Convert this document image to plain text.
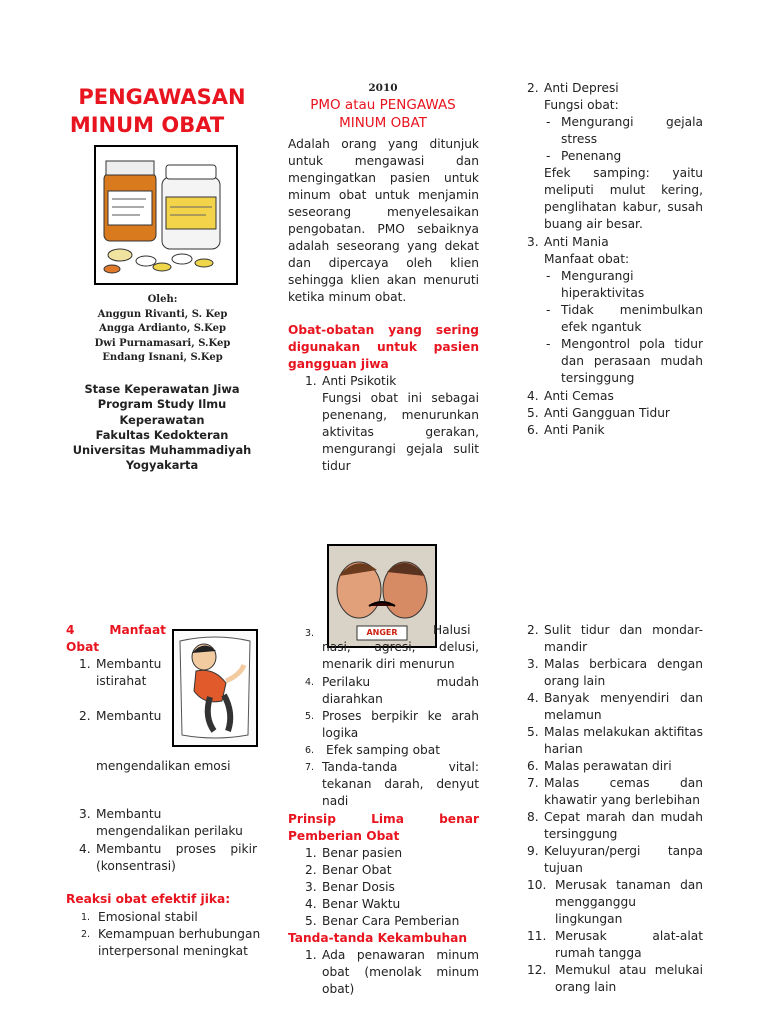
PENGAWASAN
MINUM OBAT
Oleh:
Anggun Rivanti, S. Kep
Angga Ardianto, S.Kep
Dwi Purnamasari, S.Kep
Endang Isnani, S.Kep
Stase Keperawatan Jiwa
Program Study Ilmu
Keperawatan
Fakultas Kedokteran
Universitas Muhammadiyah
Yogyakarta
2010
PMO atau PENGAWAS
MINUM OBAT
Adalah orang yang ditunjuk untuk mengawasi dan mengingatkan pasien untuk minum obat untuk menjamin seseorang menyelesaikan pengobatan. PMO sebaiknya adalah seseorang yang dekat dan dipercaya oleh klien sehingga klien akan menuruti ketika minum obat.
Obat-obatan yang sering digunakan untuk pasien gangguan jiwa
1. Anti Psikotik
Fungsi obat ini sebagai penenang, menurunkan aktivitas gerakan, mengurangi gejala sulit tidur
2. Anti Depresi
Fungsi obat:
- Mengurangi gejala stress
- Penenang
Efek samping: yaitu meliputi mulut kering, penglihatan kabur, susah buang air besar.
3. Anti Mania
Manfaat obat:
- Mengurangi hiperaktivitas
- Tidak menimbulkan efek ngantuk
- Mengontrol pola tidur dan perasaan mudah tersinggung
4. Anti Cemas
5. Anti Gangguan Tidur
6. Anti Panik
4	Manfaat
Obat
1. Membantu
istirahat
2. Membantu
mengendalikan emosi
3. Membantu mengendalikan perilaku
4. Membantu proses pikir (konsentrasi)
Reaksi obat efektif jika:
1. Emosional stabil
2. Kemampuan berhubungan interpersonal meningkat
ANGER
3.	Halusi
nasi, agresi, delusi, menarik diri menurun
4. Perilaku mudah diarahkan
5. Proses berpikir ke arah logika
6. Efek samping obat
7. Tanda-tanda vital: tekanan darah, denyut nadi
Prinsip Lima benar Pemberian Obat
1. Benar pasien
2. Benar Obat
3. Benar Dosis
4. Benar Waktu
5. Benar Cara Pemberian
Tanda-tanda Kekambuhan
1. Ada penawaran minum obat (menolak minum obat)
2. Sulit tidur dan mondar-mandir
3. Malas berbicara dengan orang lain
4. Banyak menyendiri dan melamun
5. Malas melakukan aktifitas harian
6. Malas perawatan diri
7. Malas cemas dan khawatir yang berlebihan
8. Cepat marah dan mudah tersinggung
9. Keluyuran/pergi tanpa tujuan
10. Merusak tanaman dan mengganggu lingkungan
11. Merusak alat-alat rumah tangga
12. Memukul atau melukai orang lain
